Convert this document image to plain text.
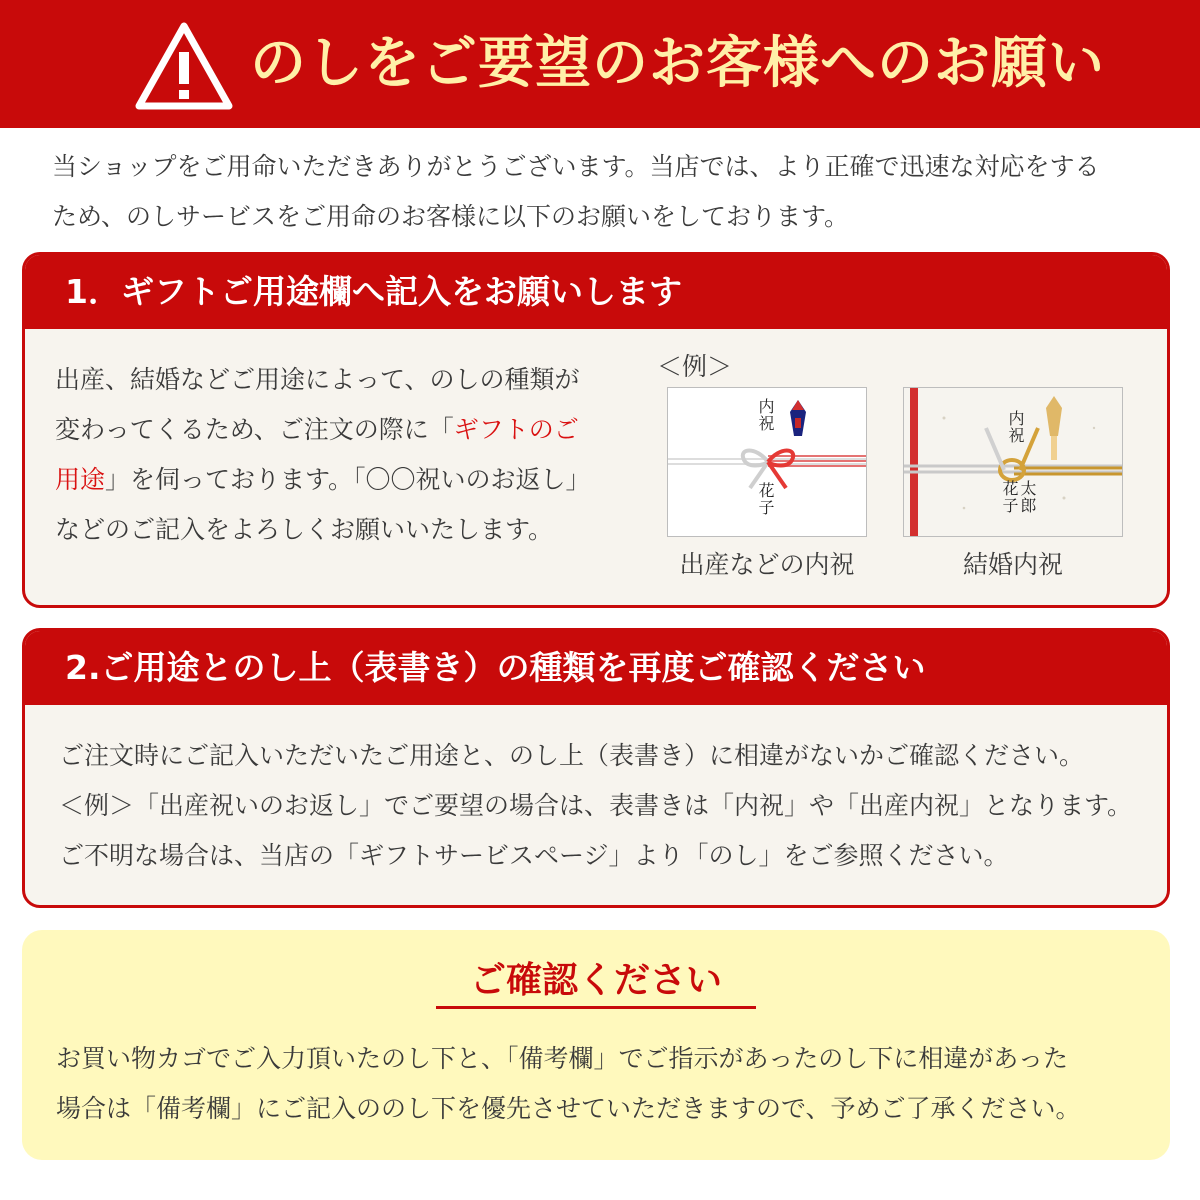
のしをご要望のお客様へのお願い

当ショップをご用命いただきありがとうございます。当店では、より正確で迅速な対応をする

ため、のしサービスをご用命のお客様に以下のお願いをしております。

1．ギフトご用途欄へ記入をお願いします

出産、結婚などご用途によって、のしの種類が

変わってくるため、ご注文の際に「ギフトのご

用途」を伺っております。「〇〇祝いのお返し」

などのご記入をよろしくお願いいたします。

＜例＞
内祝
花子
出産などの内祝
内祝
太郎花子
結婚内祝
2.ご用途とのし上（表書き）の種類を再度ご確認ください

ご注文時にご記入いただいたご用途と、のし上（表書き）に相違がないかご確認ください。

＜例＞「出産祝いのお返し」でご要望の場合は、表書きは「内祝」や「出産内祝」となります。

ご不明な場合は、当店の「ギフトサービスページ」より「のし」をご参照ください。

ご確認ください

お買い物カゴでご入力頂いたのし下と、「備考欄」でご指示があったのし下に相違があった

場合は「備考欄」にご記入ののし下を優先させていただきますので、予めご了承ください。
